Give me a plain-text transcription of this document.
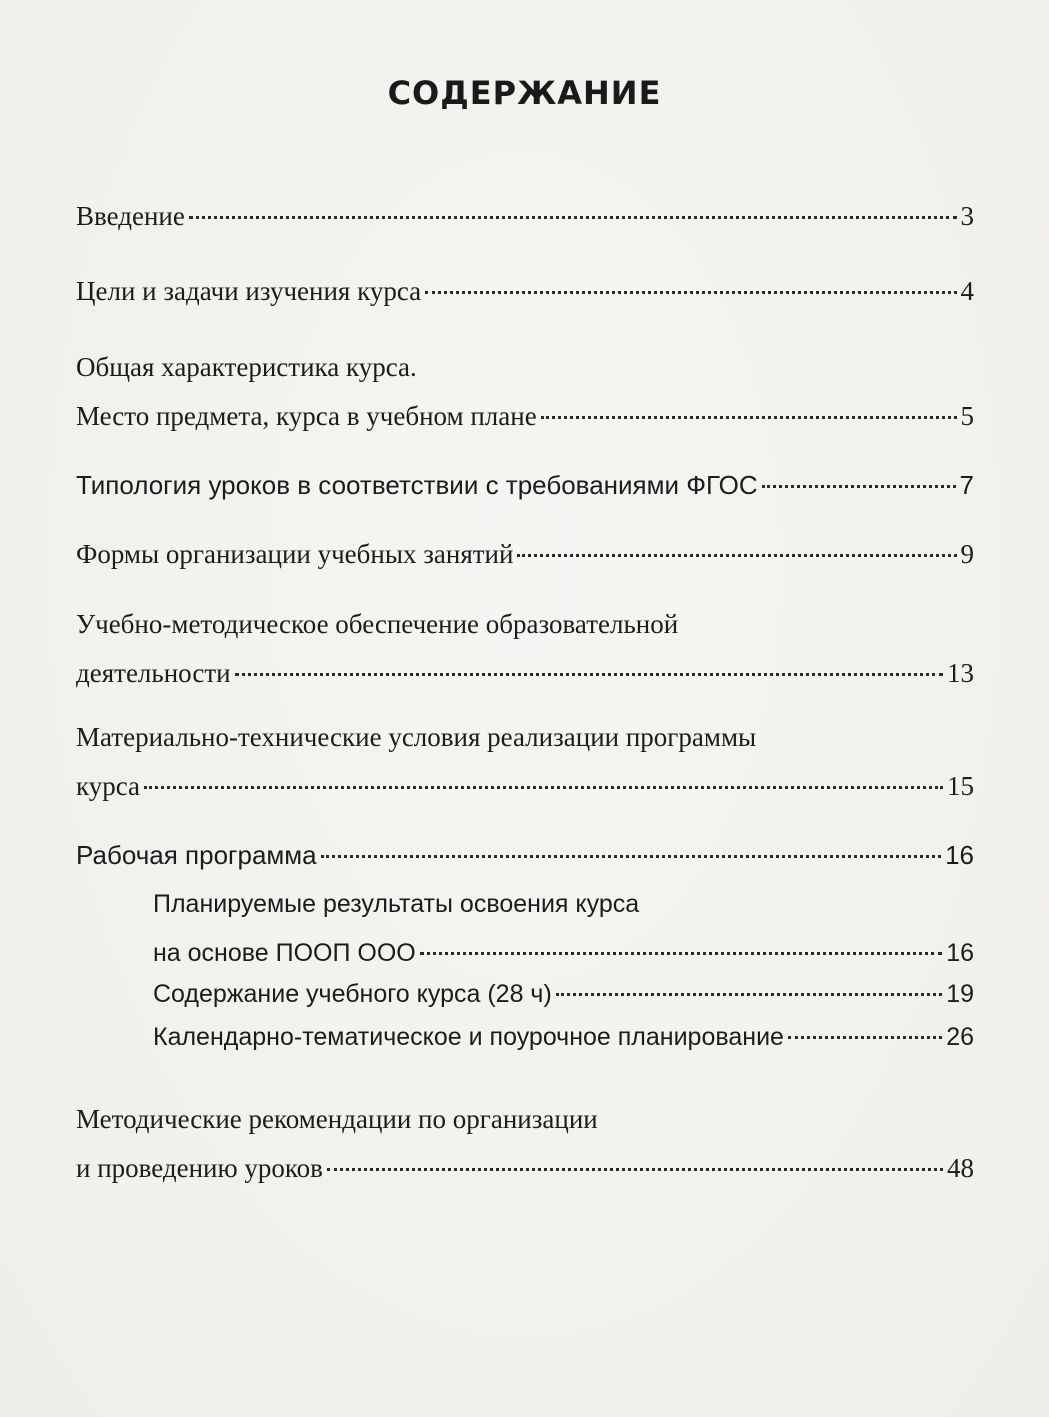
СОДЕРЖАНИЕ
Введение	3
Цели и задачи изучения курса	4
Общая характеристика курса.
Место предмета, курса в учебном плане	5
Типология уроков в соответствии с требованиями ФГОС	7
Формы организации учебных занятий	9
Учебно-методическое обеспечение образовательной
деятельности	13
Материально-технические условия реализации программы
курса	15
Рабочая программа	16
Планируемые результаты освоения курса
на основе ПООП ООО	16
Содержание учебного курса (28 ч)	19
Календарно-тематическое и поурочное планирование	26
Методические рекомендации по организации
и проведению уроков	48
